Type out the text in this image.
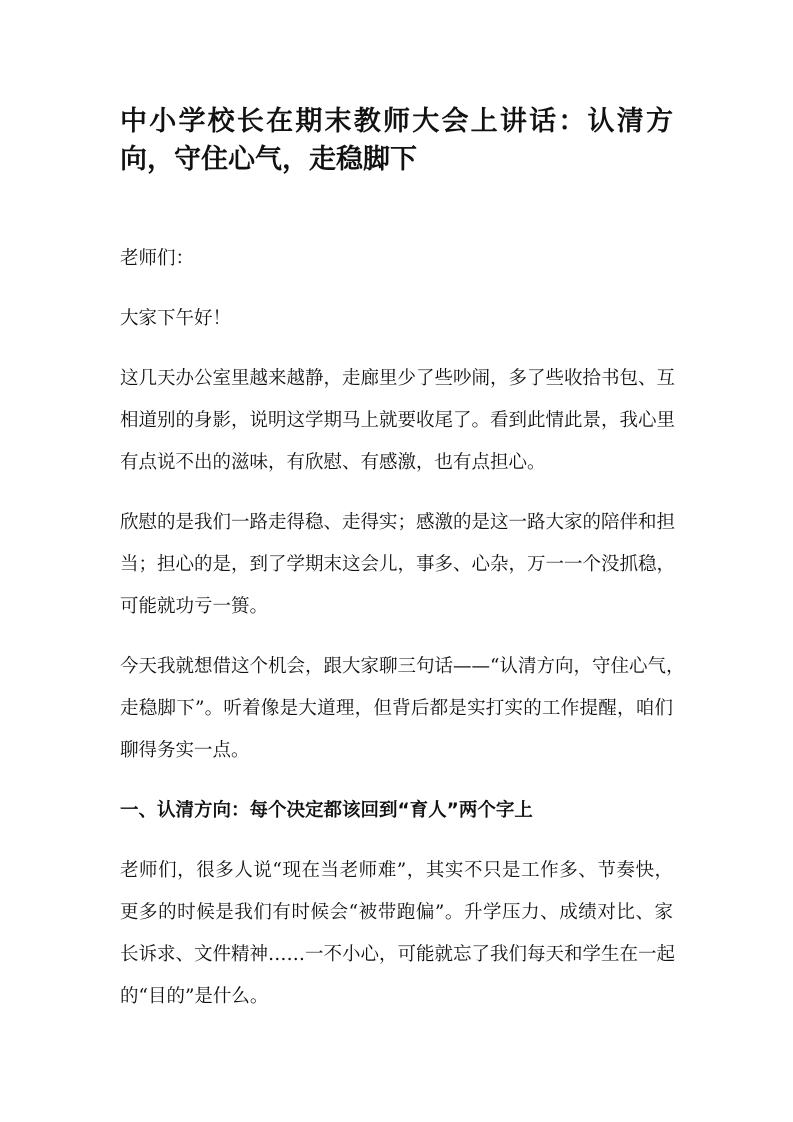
中小学校长在期末教师大会上讲话：认清方
向，守住心气，走稳脚下
老师们：
大家下午好！
这几天办公室里越来越静，走廊里少了些吵闹，多了些收拾书包、互
相道别的身影，说明这学期马上就要收尾了。看到此情此景，我心里
有点说不出的滋味，有欣慰、有感激，也有点担心。
欣慰的是我们一路走得稳、走得实；感激的是这一路大家的陪伴和担
当；担心的是，到了学期末这会儿，事多、心杂，万一一个没抓稳，
可能就功亏一篑。
今天我就想借这个机会，跟大家聊三句话——“认清方向，守住心气，
走稳脚下”。听着像是大道理，但背后都是实打实的工作提醒，咱们
聊得务实一点。
一、认清方向：每个决定都该回到“育人”两个字上
老师们，很多人说“现在当老师难”，其实不只是工作多、节奏快，
更多的时候是我们有时候会“被带跑偏”。升学压力、成绩对比、家
长诉求、文件精神……一不小心，可能就忘了我们每天和学生在一起
的“目的”是什么。
